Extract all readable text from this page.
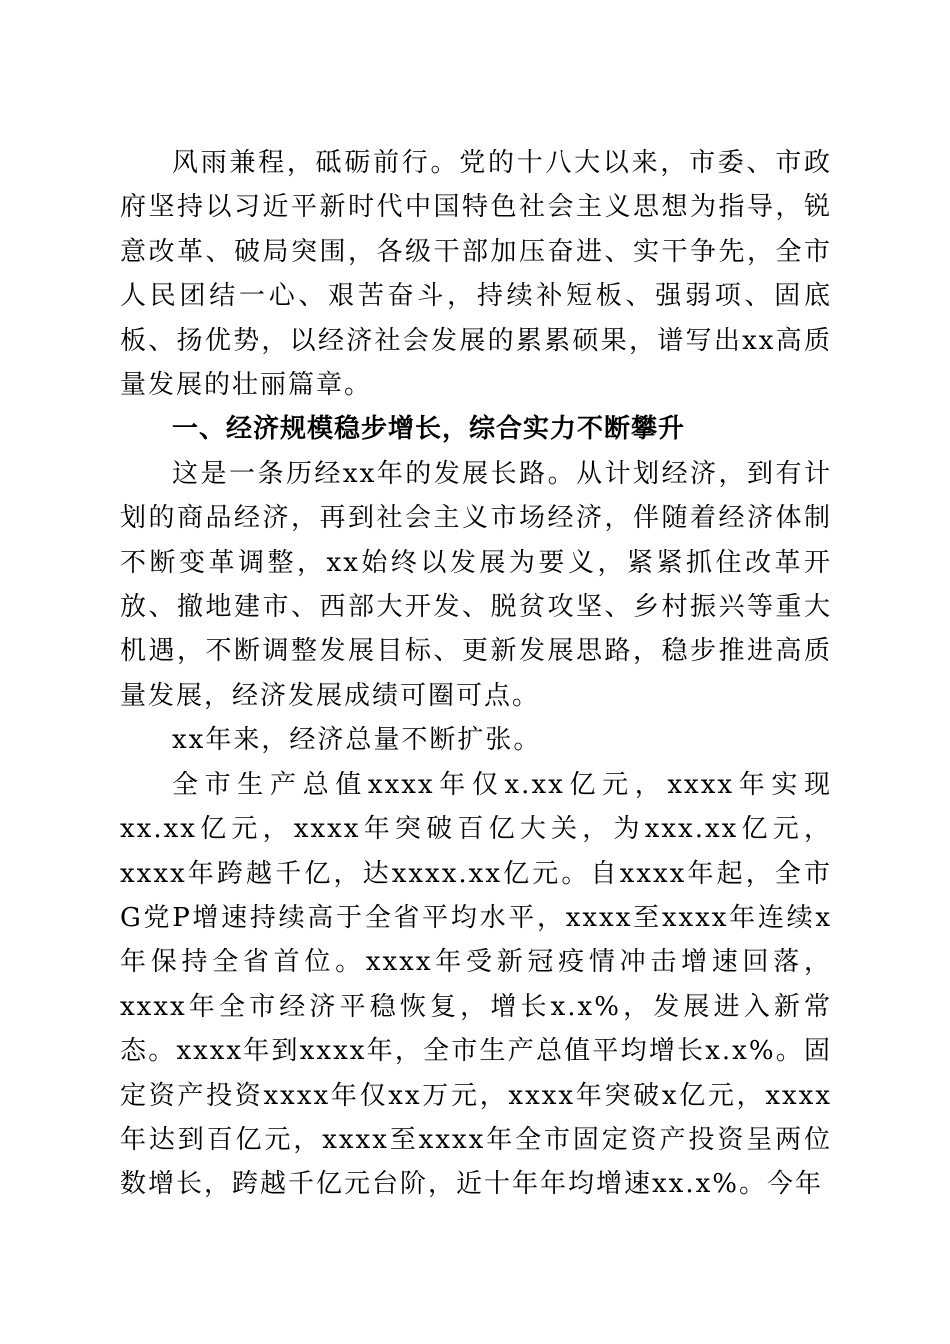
风雨兼程，砥砺前行。党的十八大以来，市委、市政府坚持以习近平新时代中国特色社会主义思想为指导，锐意改革、破局突围，各级干部加压奋进、实干争先，全市人民团结一心、艰苦奋斗，持续补短板、强弱项、固底板、扬优势，以经济社会发展的累累硕果，谱写出xx高质量发展的壮丽篇章。

一、经济规模稳步增长，综合实力不断攀升

这是一条历经xx年的发展长路。从计划经济，到有计划的商品经济，再到社会主义市场经济，伴随着经济体制不断变革调整，xx始终以发展为要义，紧紧抓住改革开放、撤地建市、西部大开发、脱贫攻坚、乡村振兴等重大机遇，不断调整发展目标、更新发展思路，稳步推进高质量发展，经济发展成绩可圈可点。

xx年来，经济总量不断扩张。

全市生产总值xxxx年仅x.xx亿元，xxxx年实现xx.xx亿元，xxxx年突破百亿大关，为xxx.xx亿元，xxxx年跨越千亿，达xxxx.xx亿元。自xxxx年起，全市G党P增速持续高于全省平均水平，xxxx至xxxx年连续x年保持全省首位。xxxx年受新冠疫情冲击增速回落，xxxx年全市经济平稳恢复，增长x.x%，发展进入新常态。xxxx年到xxxx年，全市生产总值平均增长x.x%。固定资产投资xxxx年仅xx万元，xxxx年突破x亿元，xxxx年达到百亿元，xxxx至xxxx年全市固定资产投资呈两位数增长，跨越千亿元台阶，近十年年均增速xx.x%。今年
